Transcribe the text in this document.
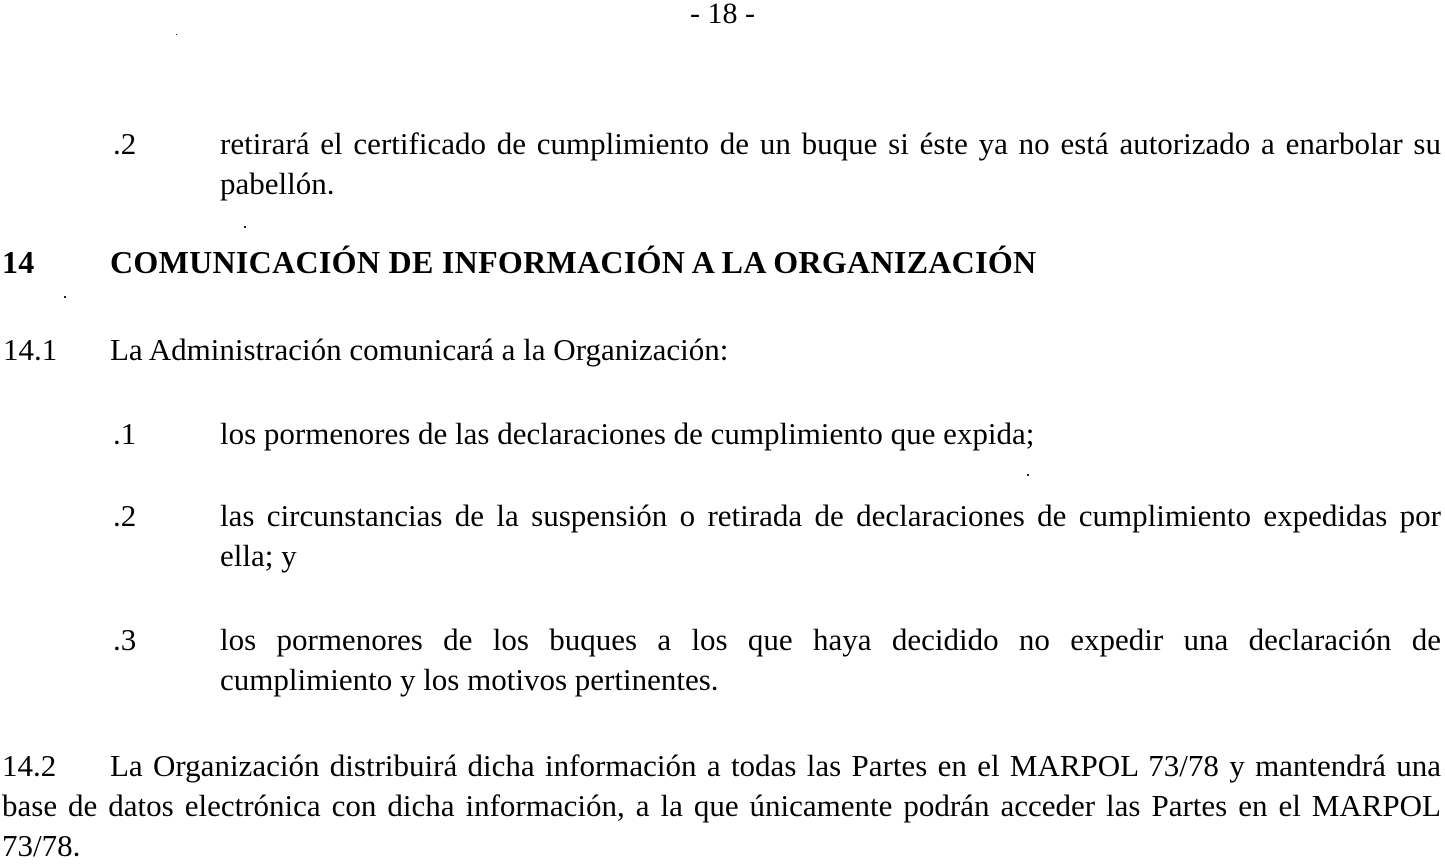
- 18 -
.2	retirará el certificado de cumplimiento de un buque si éste ya no está autorizado a enarbolar su pabellón.
14 COMUNICACIÓN DE INFORMACIÓN A LA ORGANIZACIÓN
14.1 La Administración comunicará a la Organización:
.1	los pormenores de las declaraciones de cumplimiento que expida;
.2	las circunstancias de la suspensión o retirada de declaraciones de cumplimiento expedidas por ella; y
.3	los pormenores de los buques a los que haya decidido no expedir una declaración de cumplimiento y los motivos pertinentes.
14.2 La Organización distribuirá dicha información a todas las Partes en el MARPOL 73/78 y mantendrá una base de datos electrónica con dicha información, a la que únicamente podrán acceder las Partes en el MARPOL 73/78.
